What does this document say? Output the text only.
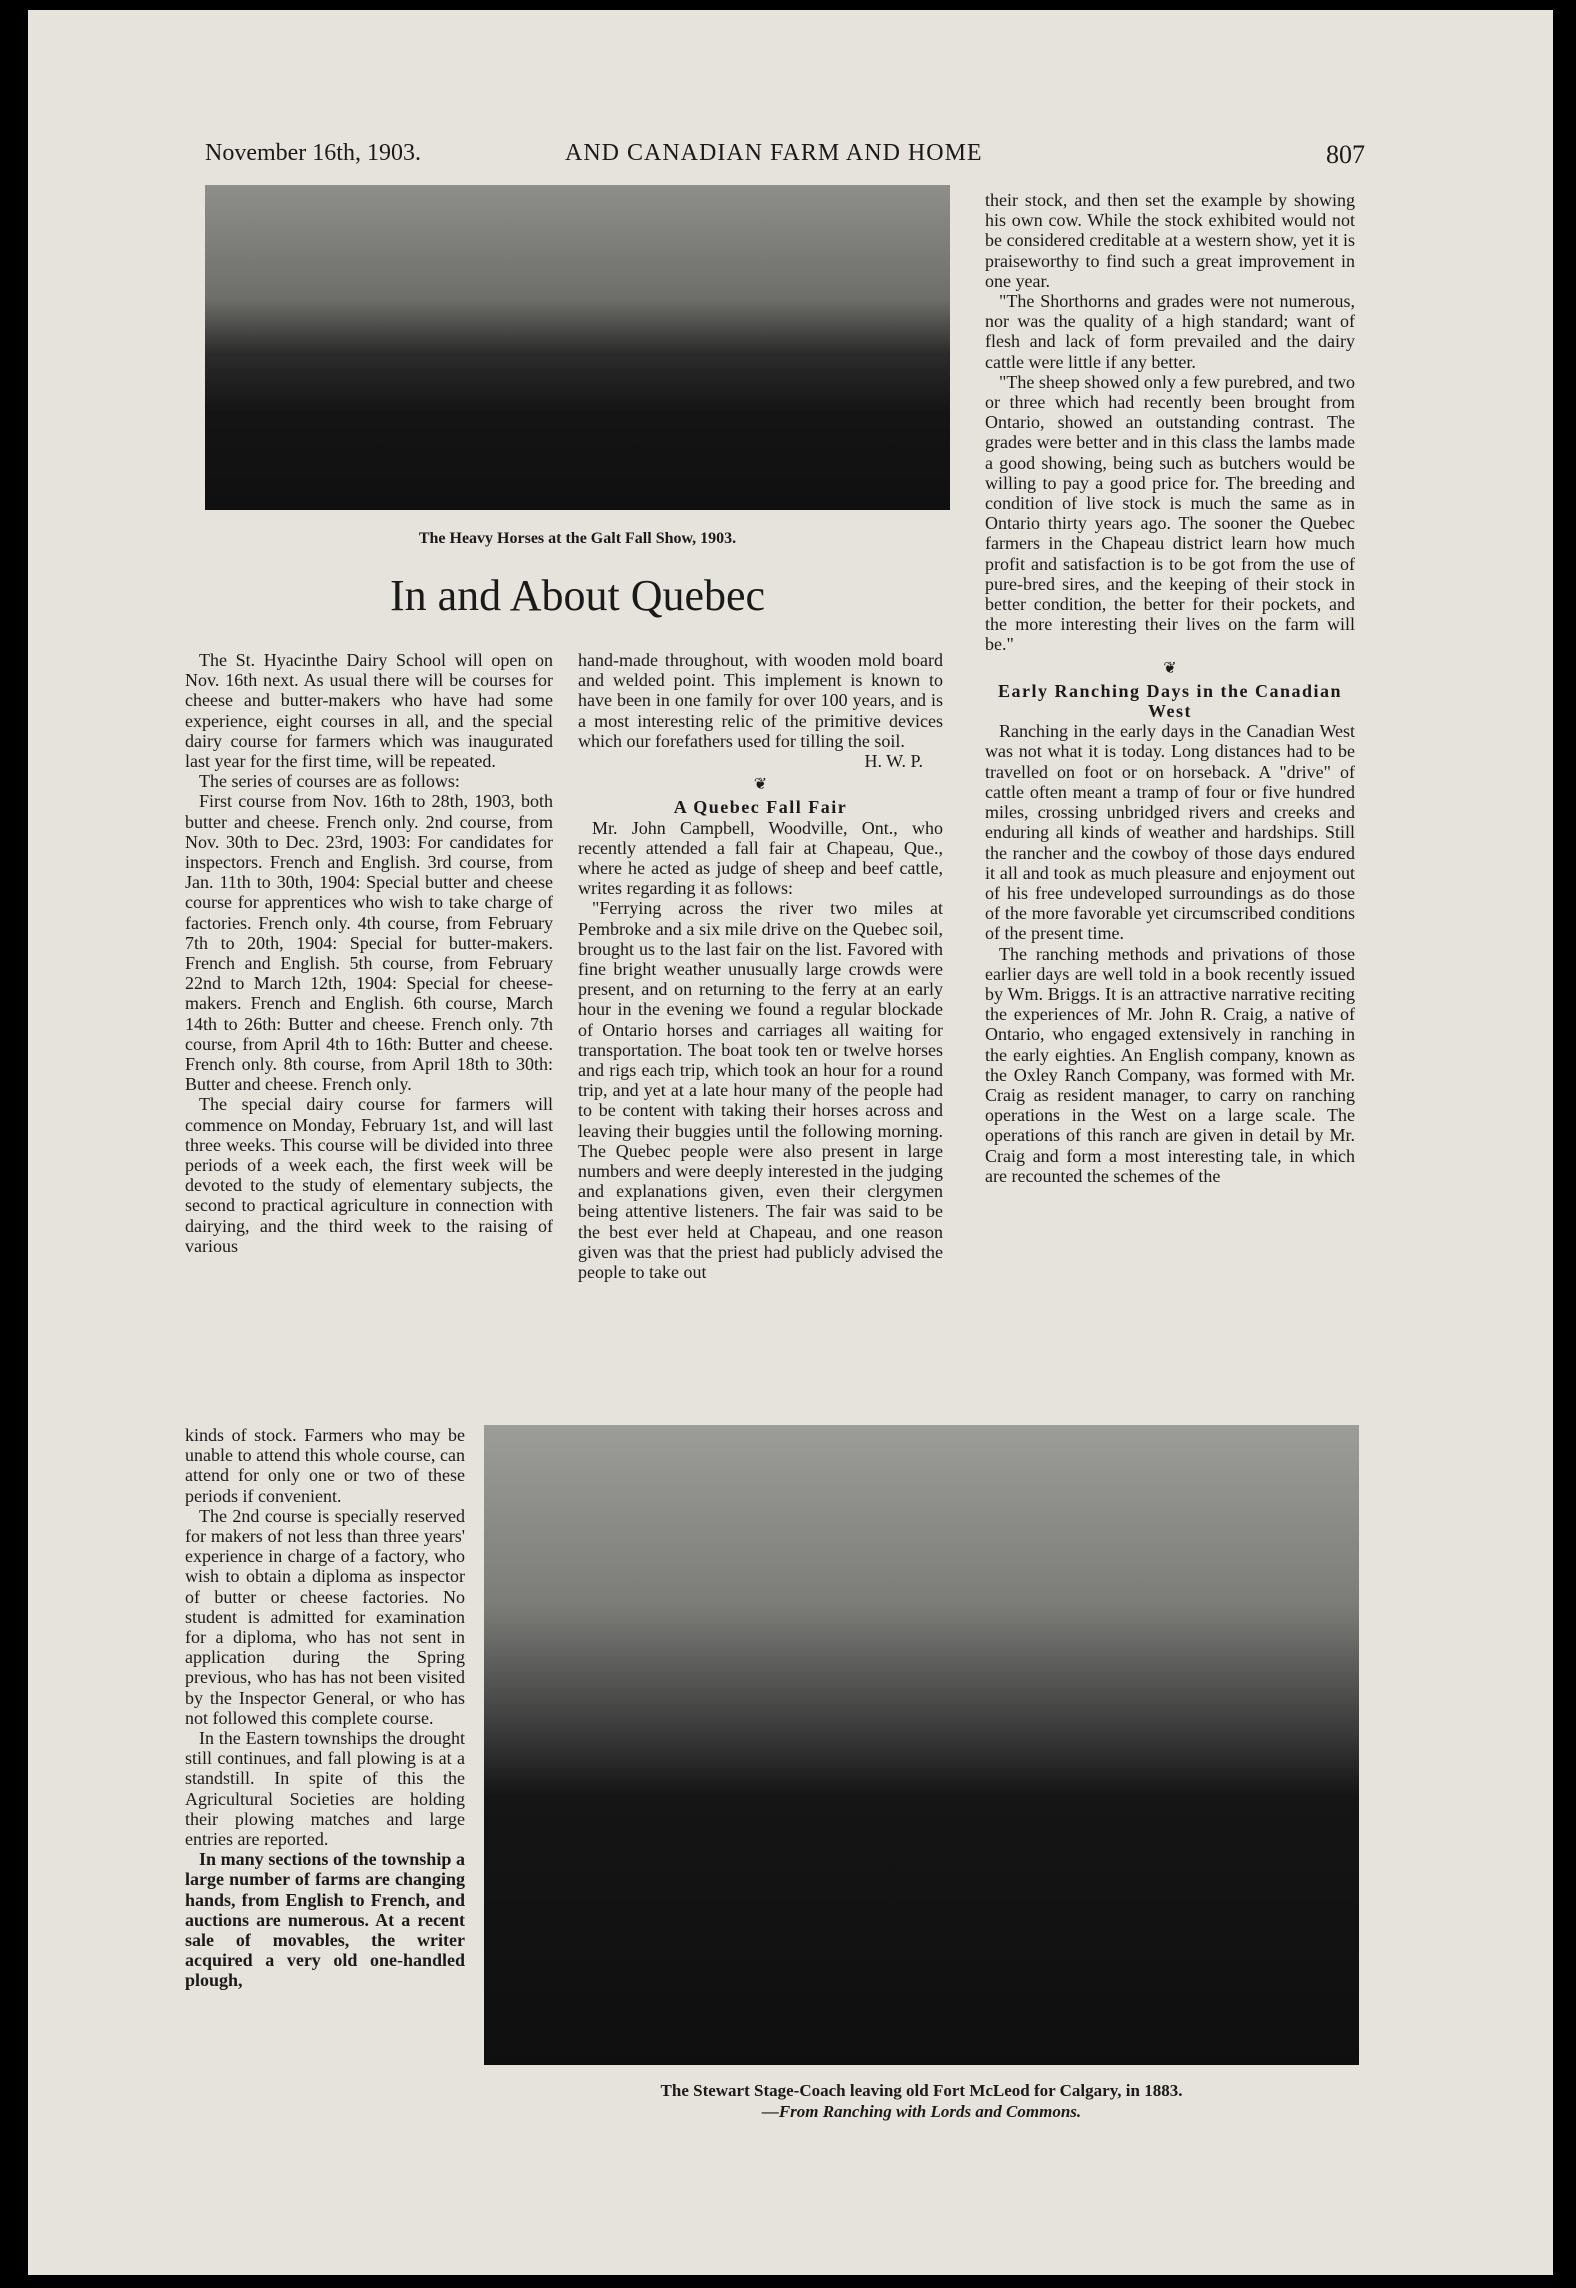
November 16th, 1903.	AND CANADIAN FARM AND HOME	807
The Heavy Horses at the Galt Fall Show, 1903.
In and About Quebec

The St. Hyacinthe Dairy School will open on Nov. 16th next. As usual there will be courses for cheese and butter-makers who have had some experience, eight courses in all, and the special dairy course for farmers which was inaugurated last year for the first time, will be repeated.

The series of courses are as follows:

First course from Nov. 16th to 28th, 1903, both butter and cheese. French only. 2nd course, from Nov. 30th to Dec. 23rd, 1903: For candidates for inspectors. French and English. 3rd course, from Jan. 11th to 30th, 1904: Special butter and cheese course for apprentices who wish to take charge of factories. French only. 4th course, from February 7th to 20th, 1904: Special for butter-makers. French and English. 5th course, from February 22nd to March 12th, 1904: Special for cheese-makers. French and English. 6th course, March 14th to 26th: Butter and cheese. French only. 7th course, from April 4th to 16th: Butter and cheese. French only. 8th course, from April 18th to 30th: Butter and cheese. French only.

The special dairy course for farmers will commence on Monday, February 1st, and will last three weeks. This course will be divided into three periods of a week each, the first week will be devoted to the study of elementary subjects, the second to practical agriculture in connection with dairying, and the third week to the raising of various

kinds of stock. Farmers who may be unable to attend this whole course, can attend for only one or two of these periods if convenient.

The 2nd course is specially reserved for makers of not less than three years' experience in charge of a factory, who wish to obtain a diploma as inspector of butter or cheese factories. No student is admitted for examination for a diploma, who has not sent in application during the Spring previous, who has has not been visited by the Inspector General, or who has not followed this complete course.

In the Eastern townships the drought still continues, and fall plowing is at a standstill. In spite of this the Agricultural Societies are holding their plowing matches and large entries are reported.

In many sections of the township a large number of farms are changing hands, from English to French, and auctions are numerous. At a recent sale of movables, the writer acquired a very old one-handled plough,

hand-made throughout, with wooden mold board and welded point. This implement is known to have been in one family for over 100 years, and is a most interesting relic of the primitive devices which our forefathers used for tilling the soil.

H. W. P.

❦

A Quebec Fall Fair

Mr. John Campbell, Woodville, Ont., who recently attended a fall fair at Chapeau, Que., where he acted as judge of sheep and beef cattle, writes regarding it as follows:

"Ferrying across the river two miles at Pembroke and a six mile drive on the Quebec soil, brought us to the last fair on the list. Favored with fine bright weather unusually large crowds were present, and on returning to the ferry at an early hour in the evening we found a regular blockade of Ontario horses and carriages all waiting for transportation. The boat took ten or twelve horses and rigs each trip, which took an hour for a round trip, and yet at a late hour many of the people had to be content with taking their horses across and leaving their buggies until the following morning. The Quebec people were also present in large numbers and were deeply interested in the judging and explanations given, even their clergymen being attentive listeners. The fair was said to be the best ever held at Chapeau, and one reason given was that the priest had publicly advised the people to take out

their stock, and then set the example by showing his own cow. While the stock exhibited would not be considered creditable at a western show, yet it is praiseworthy to find such a great improvement in one year.

"The Shorthorns and grades were not numerous, nor was the quality of a high standard; want of flesh and lack of form prevailed and the dairy cattle were little if any better.

"The sheep showed only a few purebred, and two or three which had recently been brought from Ontario, showed an outstanding contrast. The grades were better and in this class the lambs made a good showing, being such as butchers would be willing to pay a good price for. The breeding and condition of live stock is much the same as in Ontario thirty years ago. The sooner the Quebec farmers in the Chapeau district learn how much profit and satisfaction is to be got from the use of pure-bred sires, and the keeping of their stock in better condition, the better for their pockets, and the more interesting their lives on the farm will be."

❦

Early Ranching Days in the Canadian West

Ranching in the early days in the Canadian West was not what it is today. Long distances had to be travelled on foot or on horseback. A "drive" of cattle often meant a tramp of four or five hundred miles, crossing unbridged rivers and creeks and enduring all kinds of weather and hardships. Still the rancher and the cowboy of those days endured it all and took as much pleasure and enjoyment out of his free undeveloped surroundings as do those of the more favorable yet circumscribed conditions of the present time.

The ranching methods and privations of those earlier days are well told in a book recently issued by Wm. Briggs. It is an attractive narrative reciting the experiences of Mr. John R. Craig, a native of Ontario, who engaged extensively in ranching in the early eighties. An English company, known as the Oxley Ranch Company, was formed with Mr. Craig as resident manager, to carry on ranching operations in the West on a large scale. The operations of this ranch are given in detail by Mr. Craig and form a most interesting tale, in which are recounted the schemes of the

The Stewart Stage-Coach leaving old Fort McLeod for Calgary, in 1883.
—From Ranching with Lords and Commons.
